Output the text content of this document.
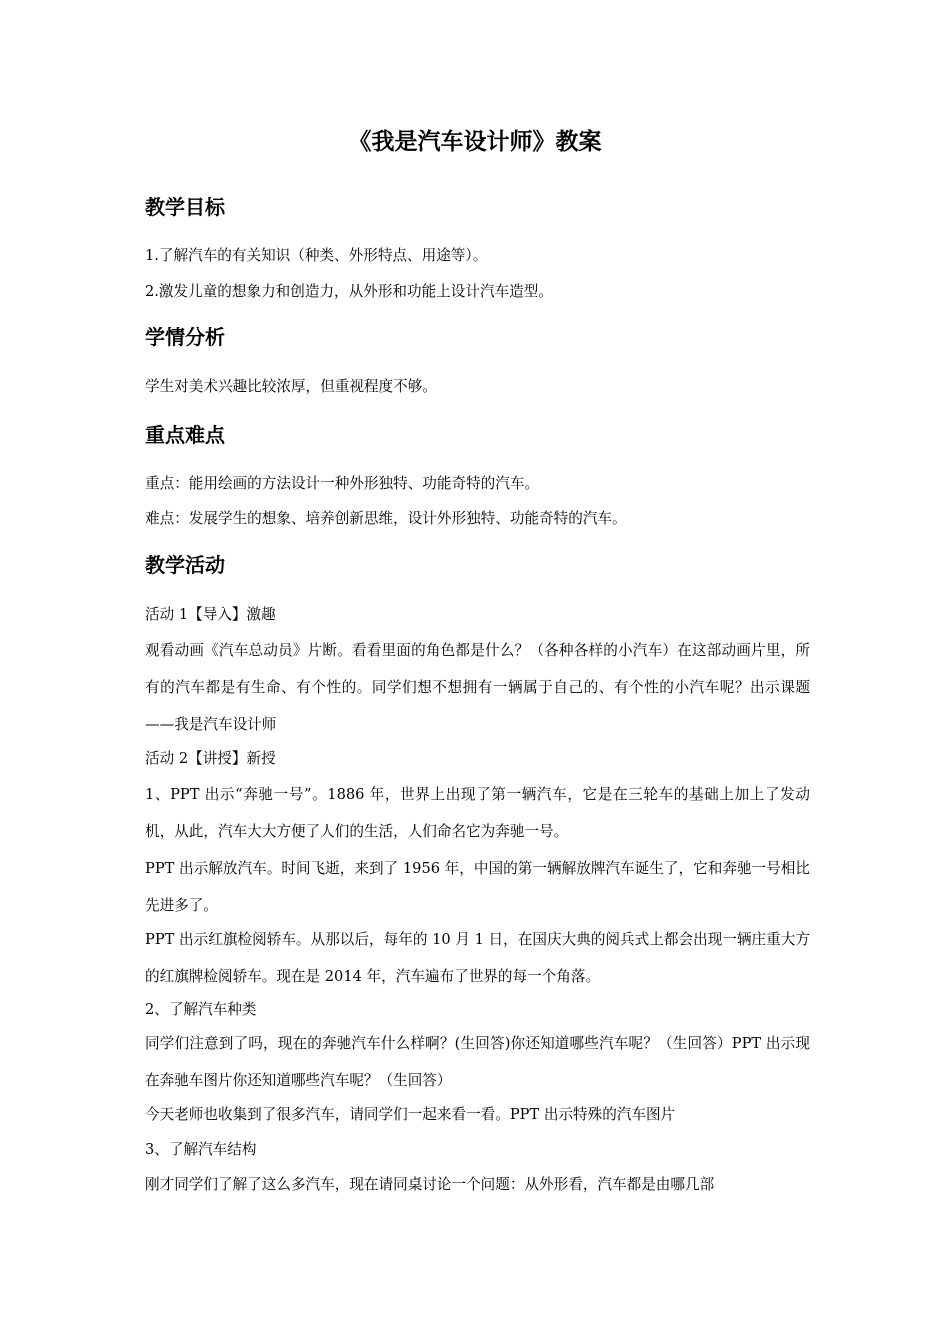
《我是汽车设计师》教案
教学目标
1.了解汽车的有关知识（种类、外形特点、用途等）。
2.激发儿童的想象力和创造力，从外形和功能上设计汽车造型。
学情分析
学生对美术兴趣比较浓厚，但重视程度不够。
重点难点
重点：能用绘画的方法设计一种外形独特、功能奇特的汽车。
难点：发展学生的想象、培养创新思维，设计外形独特、功能奇特的汽车。
教学活动
活动 1【导入】激趣
观看动画《汽车总动员》片断。看看里面的角色都是什么？（各种各样的小汽车）在这部动画片里，所有的汽车都是有生命、有个性的。同学们想不想拥有一辆属于自己的、有个性的小汽车呢？出示课题——我是汽车设计师
活动 2【讲授】新授
1、PPT 出示“奔驰一号”。1886 年，世界上出现了第一辆汽车，它是在三轮车的基础上加上了发动机，从此，汽车大大方便了人们的生活，人们命名它为奔驰一号。
PPT 出示解放汽车。时间飞逝，来到了 1956 年，中国的第一辆解放牌汽车诞生了，它和奔驰一号相比先进多了。
PPT 出示红旗检阅轿车。从那以后，每年的 10 月 1 日，在国庆大典的阅兵式上都会出现一辆庄重大方的红旗牌检阅轿车。现在是 2014 年，汽车遍布了世界的每一个角落。
2、了解汽车种类
同学们注意到了吗，现在的奔驰汽车什么样啊？(生回答)你还知道哪些汽车呢？（生回答）PPT 出示现在奔驰车图片你还知道哪些汽车呢？（生回答）
今天老师也收集到了很多汽车，请同学们一起来看一看。PPT 出示特殊的汽车图片
3、了解汽车结构
刚才同学们了解了这么多汽车，现在请同桌讨论一个问题：从外形看，汽车都是由哪几部
